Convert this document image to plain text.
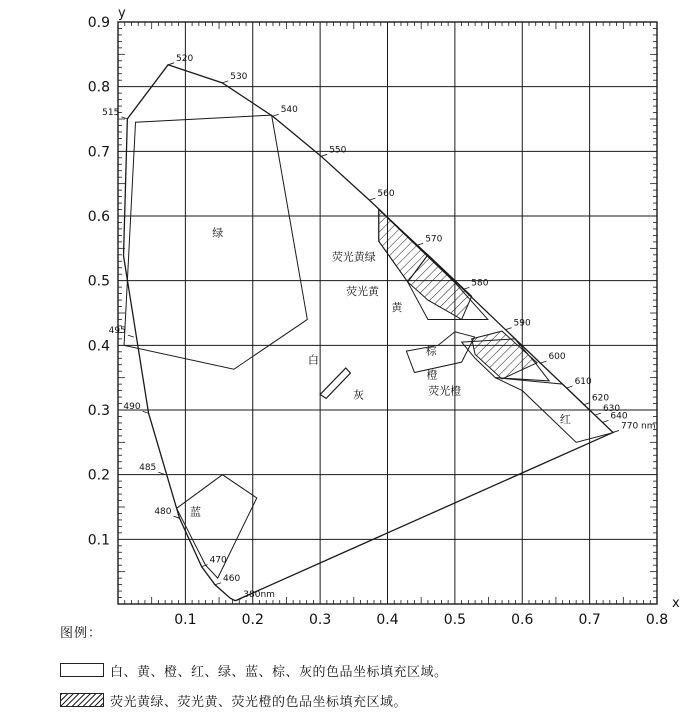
0.1	0.2	0.3	0.4	0.5	0.6	0.7	0.8
0.1
0.2
0.3
0.4
0.5
0.6
0.7
0.8
0.9
380nm
460
470
480
485
490
495
515
520
530
540
550
560
570
580
590
600
610
620
630
640
770 nm
绿
蓝
白
灰
荧光黄绿
荧光黄
黄
棕
橙
荧光橙
红
y
x
图例：
白、黄、橙、红、绿、蓝、棕、灰的色品坐标填充区域。
荧光黄绿、荧光黄、荧光橙的色品坐标填充区域。
